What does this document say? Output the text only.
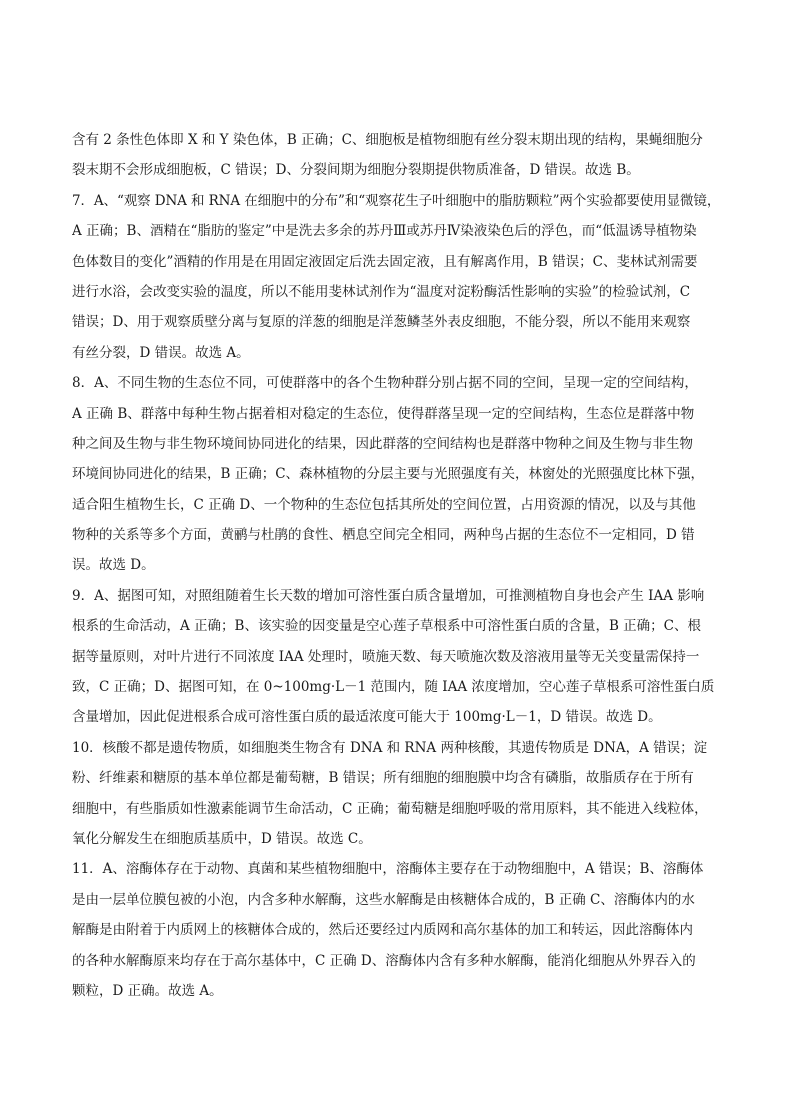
含有 2 条性色体即 X 和 Y 染色体，B 正确；C、细胞板是植物细胞有丝分裂末期出现的结构，果蝇细胞分
裂末期不会形成细胞板，C 错误；D、分裂间期为细胞分裂期提供物质准备，D 错误。故选 B。
7．A、“观察 DNA 和 RNA 在细胞中的分布”和“观察花生子叶细胞中的脂肪颗粒”两个实验都要使用显微镜，
A 正确；B、酒精在“脂肪的鉴定”中是洗去多余的苏丹Ⅲ或苏丹Ⅳ染液染色后的浮色，而“低温诱导植物染
色体数目的变化”酒精的作用是在用固定液固定后洗去固定液，且有解离作用，B 错误；C、斐林试剂需要
进行水浴，会改变实验的温度，所以不能用斐林试剂作为“温度对淀粉酶活性影响的实验”的检验试剂，C
错误；D、用于观察质壁分离与复原的洋葱的细胞是洋葱鳞茎外表皮细胞，不能分裂，所以不能用来观察
有丝分裂，D 错误。故选 A。
8．A、不同生物的生态位不同，可使群落中的各个生物种群分别占据不同的空间，呈现一定的空间结构，
A 正确 B、群落中每种生物占据着相对稳定的生态位，使得群落呈现一定的空间结构，生态位是群落中物
种之间及生物与非生物环境间协同进化的结果，因此群落的空间结构也是群落中物种之间及生物与非生物
环境间协同进化的结果，B 正确；C、森林植物的分层主要与光照强度有关，林窗处的光照强度比林下强，
适合阳生植物生长，C 正确 D、一个物种的生态位包括其所处的空间位置，占用资源的情况，以及与其他
物种的关系等多个方面，黄鹂与杜鹃的食性、栖息空间完全相同，两种鸟占据的生态位不一定相同，D 错
误。故选 D。
9．A、据图可知，对照组随着生长天数的增加可溶性蛋白质含量增加，可推测植物自身也会产生 IAA 影响
根系的生命活动，A 正确；B、该实验的因变量是空心莲子草根系中可溶性蛋白质的含量，B 正确；C、根
据等量原则，对叶片进行不同浓度 IAA 处理时，喷施天数、每天喷施次数及溶液用量等无关变量需保持一
致，C 正确；D、据图可知，在 0~100mg·L－1 范围内，随 IAA 浓度增加，空心莲子草根系可溶性蛋白质
含量增加，因此促进根系合成可溶性蛋白质的最适浓度可能大于 100mg·L－1，D 错误。故选 D。
10．核酸不都是遗传物质，如细胞类生物含有 DNA 和 RNA 两种核酸，其遗传物质是 DNA，A 错误；淀
粉、纤维素和糖原的基本单位都是葡萄糖，B 错误；所有细胞的细胞膜中均含有磷脂，故脂质存在于所有
细胞中，有些脂质如性激素能调节生命活动，C 正确；葡萄糖是细胞呼吸的常用原料，其不能进入线粒体，
氧化分解发生在细胞质基质中，D 错误。故选 C。
11．A、溶酶体存在于动物、真菌和某些植物细胞中，溶酶体主要存在于动物细胞中，A 错误；B、溶酶体
是由一层单位膜包被的小泡，内含多种水解酶，这些水解酶是由核糖体合成的，B 正确 C、溶酶体内的水
解酶是由附着于内质网上的核糖体合成的，然后还要经过内质网和高尔基体的加工和转运，因此溶酶体内
的各种水解酶原来均存在于高尔基体中，C 正确 D、溶酶体内含有多种水解酶，能消化细胞从外界吞入的
颗粒，D 正确。故选 A。
